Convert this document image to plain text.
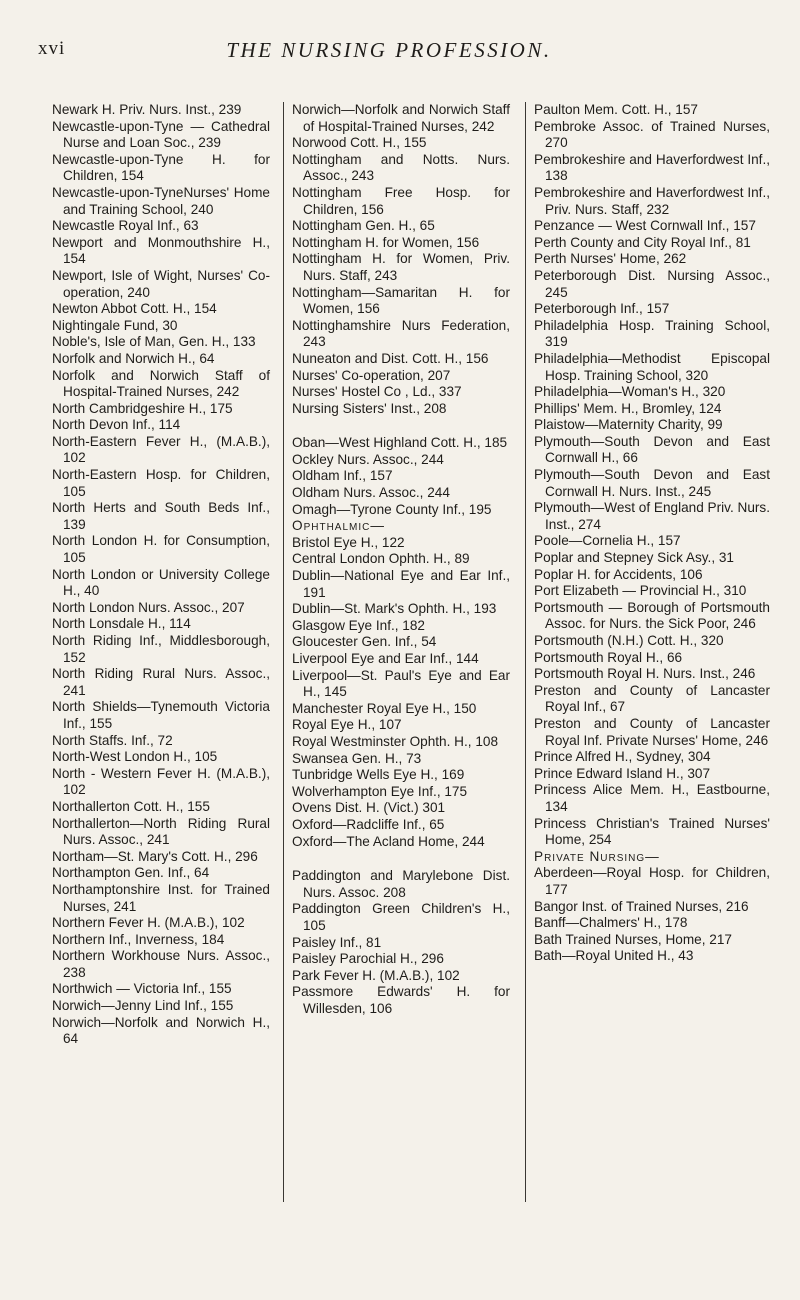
xvi	THE NURSING PROFESSION.

Newark H. Priv. Nurs. Inst., 239

Newcastle-upon-Tyne — Cathedral Nurse and Loan Soc., 239

Newcastle-upon-Tyne H. for Children, 154

Newcastle-upon-TyneNurses' Home and Training School, 240

Newcastle Royal Inf., 63

Newport and Monmouthshire H., 154

Newport, Isle of Wight, Nurses' Co-operation, 240

Newton Abbot Cott. H., 154

Nightingale Fund, 30

Noble's, Isle of Man, Gen. H., 133

Norfolk and Norwich H., 64

Norfolk and Norwich Staff of Hospital-Trained Nurses, 242

North Cambridgeshire H., 175

North Devon Inf., 114

North-Eastern Fever H., (M.A.B.), 102

North-Eastern Hosp. for Children, 105

North Herts and South Beds Inf., 139

North London H. for Consumption, 105

North London or University College H., 40

North London Nurs. Assoc., 207

North Lonsdale H., 114

North Riding Inf., Middlesborough, 152

North Riding Rural Nurs. Assoc., 241

North Shields—Tynemouth Victoria Inf., 155

North Staffs. Inf., 72

North-West London H., 105

North - Western Fever H. (M.A.B.), 102

Northallerton Cott. H., 155

Northallerton—North Riding Rural Nurs. Assoc., 241

Northam—St. Mary's Cott. H., 296

Northampton Gen. Inf., 64

Northamptonshire Inst. for Trained Nurses, 241

Northern Fever H. (M.A.B.), 102

Northern Inf., Inverness, 184

Northern Workhouse Nurs. Assoc., 238

Northwich — Victoria Inf., 155

Norwich—Jenny Lind Inf., 155

Norwich—Norfolk and Norwich H., 64

Norwich—Norfolk and Norwich Staff of Hospital-Trained Nurses, 242

Norwood Cott. H., 155

Nottingham and Notts. Nurs. Assoc., 243

Nottingham Free Hosp. for Children, 156

Nottingham Gen. H., 65

Nottingham H. for Women, 156

Nottingham H. for Women, Priv. Nurs. Staff, 243

Nottingham—Samaritan H. for Women, 156

Nottinghamshire Nurs Federation, 243

Nuneaton and Dist. Cott. H., 156

Nurses' Co-operation, 207

Nurses' Hostel Co , Ld., 337

Nursing Sisters' Inst., 208

Oban—West Highland Cott. H., 185

Ockley Nurs. Assoc., 244

Oldham Inf., 157

Oldham Nurs. Assoc., 244

Omagh—Tyrone County Inf., 195

Ophthalmic—

Bristol Eye H., 122

Central London Ophth. H., 89

Dublin—National Eye and Ear Inf., 191

Dublin—St. Mark's Ophth. H., 193

Glasgow Eye Inf., 182

Gloucester Gen. Inf., 54

Liverpool Eye and Ear Inf., 144

Liverpool—St. Paul's Eye and Ear H., 145

Manchester Royal Eye H., 150

Royal Eye H., 107

Royal Westminster Ophth. H., 108

Swansea Gen. H., 73

Tunbridge Wells Eye H., 169

Wolverhampton Eye Inf., 175

Ovens Dist. H. (Vict.) 301

Oxford—Radcliffe Inf., 65

Oxford—The Acland Home, 244

Paddington and Marylebone Dist. Nurs. Assoc. 208

Paddington Green Children's H., 105

Paisley Inf., 81

Paisley Parochial H., 296

Park Fever H. (M.A.B.), 102

Passmore Edwards' H. for Willesden, 106

Paulton Mem. Cott. H., 157

Pembroke Assoc. of Trained Nurses, 270

Pembrokeshire and Haverfordwest Inf., 138

Pembrokeshire and Haverfordwest Inf., Priv. Nurs. Staff, 232

Penzance — West Cornwall Inf., 157

Perth County and City Royal Inf., 81

Perth Nurses' Home, 262

Peterborough Dist. Nursing Assoc., 245

Peterborough Inf., 157

Philadelphia Hosp. Training School, 319

Philadelphia—Methodist Episcopal Hosp. Training School, 320

Philadelphia—Woman's H., 320

Phillips' Mem. H., Bromley, 124

Plaistow—Maternity Charity, 99

Plymouth—South Devon and East Cornwall H., 66

Plymouth—South Devon and East Cornwall H. Nurs. Inst., 245

Plymouth—West of England Priv. Nurs. Inst., 274

Poole—Cornelia H., 157

Poplar and Stepney Sick Asy., 31

Poplar H. for Accidents, 106

Port Elizabeth — Provincial H., 310

Portsmouth — Borough of Portsmouth Assoc. for Nurs. the Sick Poor, 246

Portsmouth (N.H.) Cott. H., 320

Portsmouth Royal H., 66

Portsmouth Royal H. Nurs. Inst., 246

Preston and County of Lancaster Royal Inf., 67

Preston and County of Lancaster Royal Inf. Private Nurses' Home, 246

Prince Alfred H., Sydney, 304

Prince Edward Island H., 307

Princess Alice Mem. H., Eastbourne, 134

Princess Christian's Trained Nurses' Home, 254

Private Nursing—

Aberdeen—Royal Hosp. for Children, 177

Bangor Inst. of Trained Nurses, 216

Banff—Chalmers' H., 178

Bath Trained Nurses, Home, 217

Bath—Royal United H., 43
